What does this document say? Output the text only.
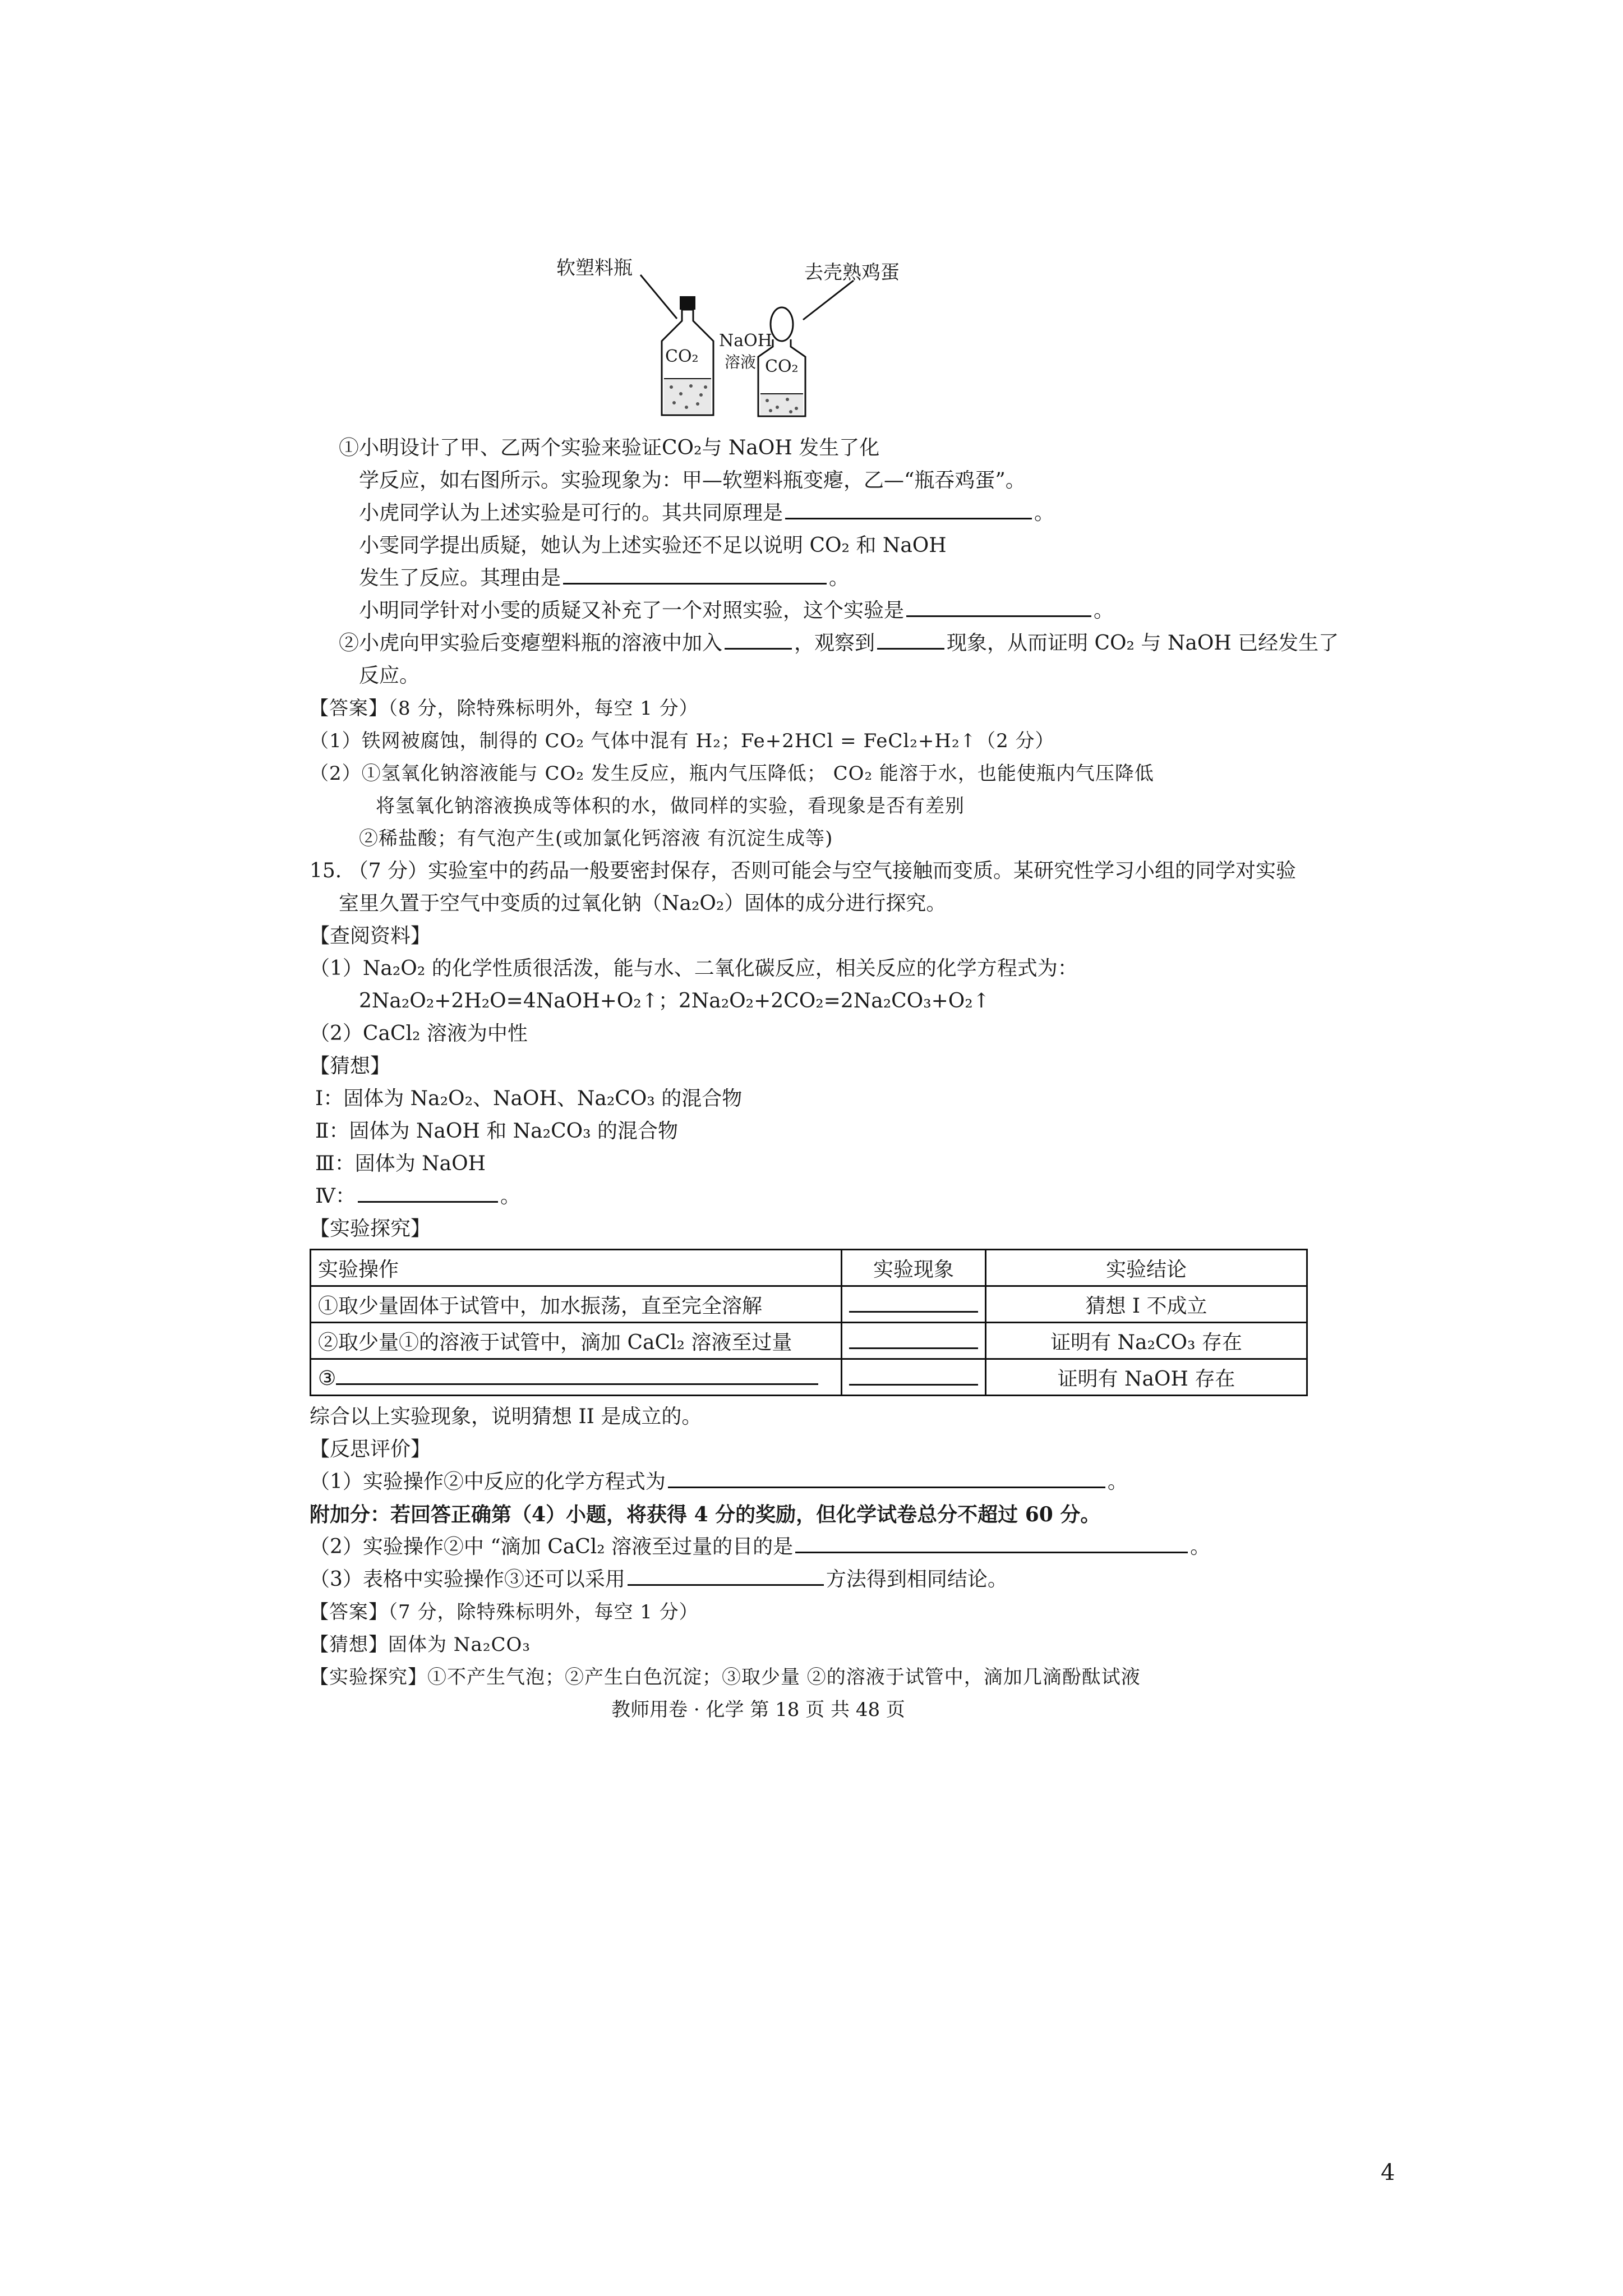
软塑料瓶	去壳熟鸡蛋
CO₂
NaOH
溶液 CO₂
①小明设计了甲、乙两个实验来验证CO₂与 NaOH 发生了化
学反应，如右图所示。实验现象为：甲—软塑料瓶变瘪，乙—“瓶吞鸡蛋”。
小虎同学认为上述实验是可行的。其共同原理是	。
小雯同学提出质疑，她认为上述实验还不足以说明 CO₂ 和 NaOH
发生了反应。其理由是	。
小明同学针对小雯的质疑又补充了一个对照实验，这个实验是	。
②小虎向甲实验后变瘪塑料瓶的溶液中加入	，观察到	现象，从而证明 CO₂ 与 NaOH 已经发生了
反应。
【答案】（8 分，除特殊标明外，每空 1 分）
（1）铁网被腐蚀，制得的 CO₂ 气体中混有 H₂；Fe+2HCl = FeCl₂+H₂↑（2 分）
（2）①氢氧化钠溶液能与 CO₂ 发生反应，瓶内气压降低； CO₂ 能溶于水，也能使瓶内气压降低
将氢氧化钠溶液换成等体积的水，做同样的实验，看现象是否有差别
②稀盐酸；有气泡产生(或加氯化钙溶液 有沉淀生成等)
15. （7 分）实验室中的药品一般要密封保存，否则可能会与空气接触而变质。某研究性学习小组的同学对实验
室里久置于空气中变质的过氧化钠（Na₂O₂）固体的成分进行探究。
【查阅资料】
（1）Na₂O₂ 的化学性质很活泼，能与水、二氧化碳反应，相关反应的化学方程式为：
2Na₂O₂+2H₂O=4NaOH+O₂↑；2Na₂O₂+2CO₂=2Na₂CO₃+O₂↑
（2）CaCl₂ 溶液为中性
【猜想】
Ⅰ：固体为 Na₂O₂、NaOH、Na₂CO₃ 的混合物
Ⅱ：固体为 NaOH 和 Na₂CO₃ 的混合物
Ⅲ：固体为 NaOH
Ⅳ：	。
【实验探究】
实验操作	实验现象	实验结论
①取少量固体于试管中，加水振荡，直至完全溶解		猜想 I 不成立
②取少量①的溶液于试管中，滴加 CaCl₂ 溶液至过量		证明有 Na₂CO₃ 存在
③		证明有 NaOH 存在
综合以上实验现象，说明猜想 II 是成立的。
【反思评价】
（1）实验操作②中反应的化学方程式为	。
附加分：若回答正确第（4）小题，将获得 4 分的奖励，但化学试卷总分不超过 60 分。
（2）实验操作②中 “滴加 CaCl₂ 溶液至过量的目的是	。
（3）表格中实验操作③还可以采用	方法得到相同结论。
【答案】（7 分，除特殊标明外，每空 1 分）
【猜想】固体为 Na₂CO₃
【实验探究】①不产生气泡；②产生白色沉淀；③取少量 ②的溶液于试管中，滴加几滴酚酞试液
教师用卷 · 化学 第 18 页 共 48 页
4
